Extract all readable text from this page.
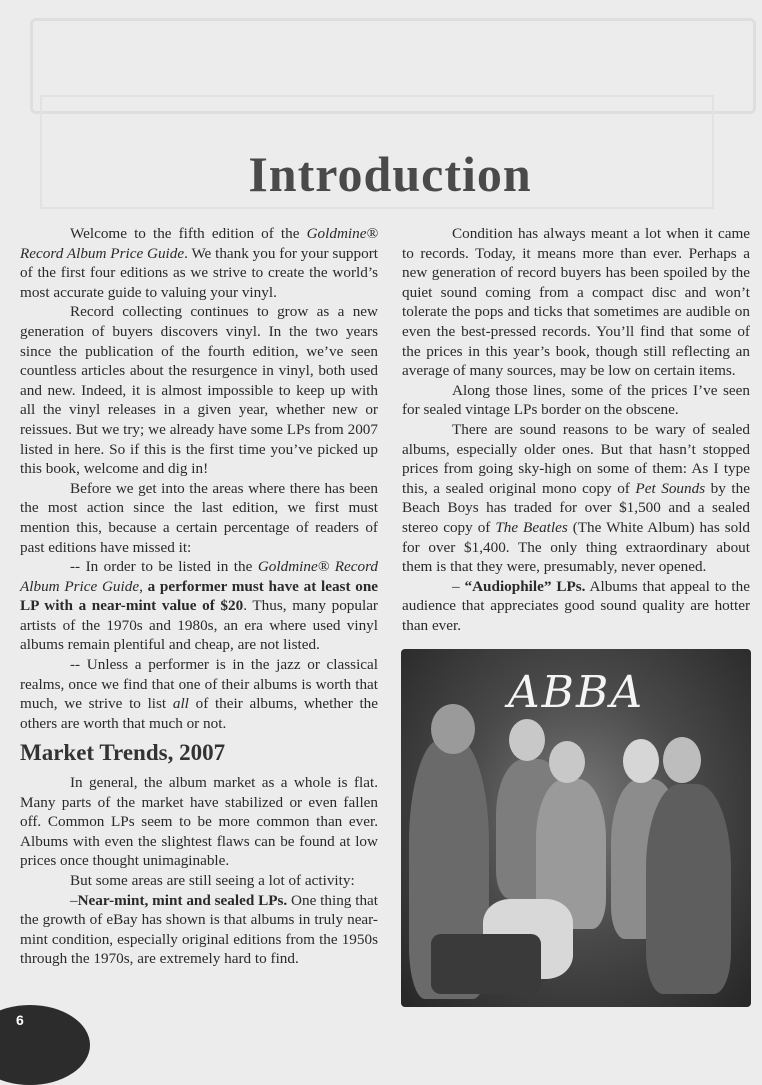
Introduction

Welcome to the fifth edition of the Goldmine® Record Album Price Guide. We thank you for your support of the first four editions as we strive to create the world’s most accurate guide to valuing your vinyl.

Record collecting continues to grow as a new generation of buyers discovers vinyl. In the two years since the publication of the fourth edition, we’ve seen countless articles about the resurgence in vinyl, both used and new. Indeed, it is almost impossible to keep up with all the vinyl releases in a given year, whether new or reissues. But we try; we already have some LPs from 2007 listed in here. So if this is the first time you’ve picked up this book, welcome and dig in!

Before we get into the areas where there has been the most action since the last edition, we first must mention this, because a certain percentage of readers of past editions have missed it:

-- In order to be listed in the Goldmine® Record Album Price Guide, a performer must have at least one LP with a near-mint value of $20. Thus, many popular artists of the 1970s and 1980s, an era where used vinyl albums remain plentiful and cheap, are not listed.

-- Unless a performer is in the jazz or classical realms, once we find that one of their albums is worth that much, we strive to list all of their albums, whether the others are worth that much or not.

Market Trends, 2007

In general, the album market as a whole is flat. Many parts of the market have stabilized or even fallen off. Common LPs seem to be more common than ever. Albums with even the slightest flaws can be found at low prices once thought unimaginable.

But some areas are still seeing a lot of activity:

–Near-mint, mint and sealed LPs. One thing that the growth of eBay has shown is that albums in truly near-mint condition, especially original editions from the 1950s through the 1970s, are extremely hard to find.

Condition has always meant a lot when it came to records. Today, it means more than ever. Perhaps a new generation of record buyers has been spoiled by the quiet sound coming from a compact disc and won’t tolerate the pops and ticks that sometimes are audible on even the best-pressed records. You’ll find that some of the prices in this year’s book, though still reflecting an average of many sources, may be low on certain items.

Along those lines, some of the prices I’ve seen for sealed vintage LPs border on the obscene.

There are sound reasons to be wary of sealed albums, especially older ones. But that hasn’t stopped prices from going sky-high on some of them: As I type this, a sealed original mono copy of Pet Sounds by the Beach Boys has traded for over $1,500 and a sealed stereo copy of The Beatles (The White Album) has sold for over $1,400. The only thing extraordinary about them is that they were, presumably, never opened.

– “Audiophile” LPs. Albums that appeal to the audience that appreciates good sound quality are hotter than ever.

ABBA
6
